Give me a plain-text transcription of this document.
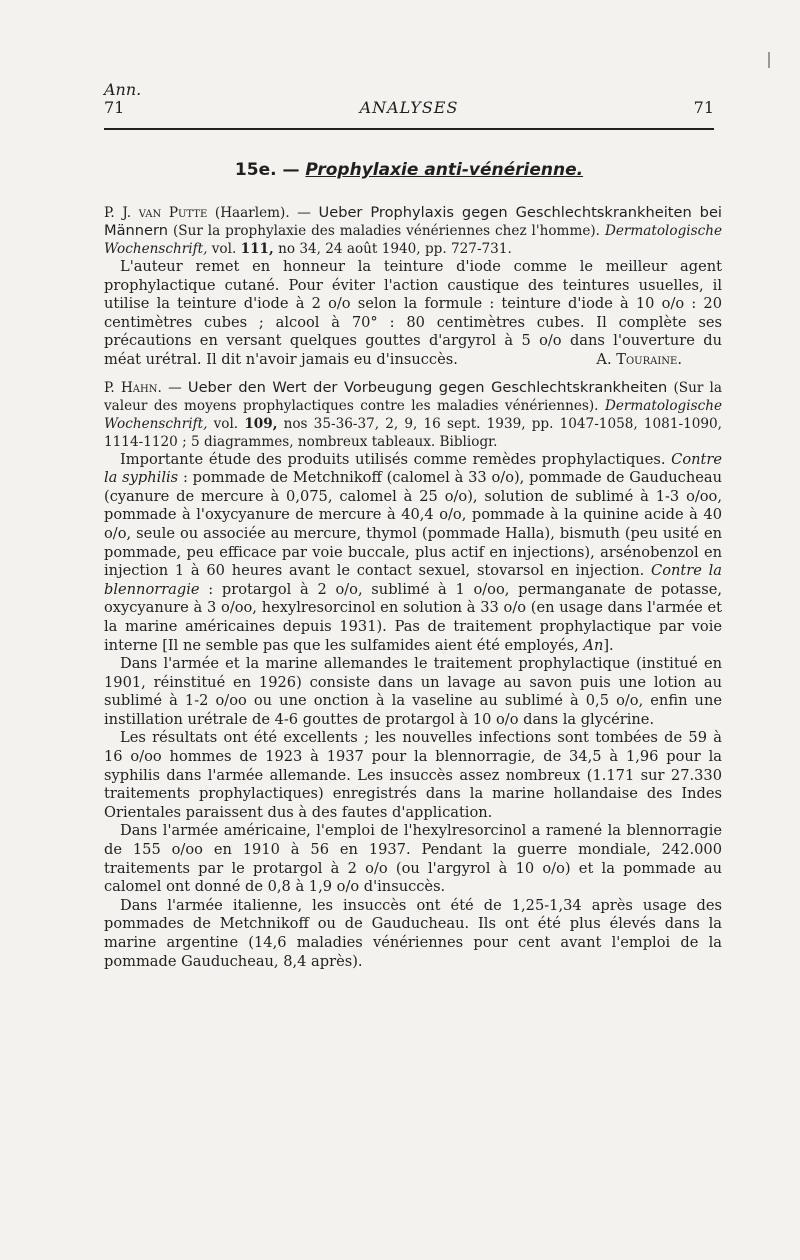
Ann.
71	ANALYSES	71
15e. — Prophylaxie anti-vénérienne.

P. J. van Putte (Haarlem). — Ueber Prophylaxis gegen Geschlechtskrankheiten bei Männern (Sur la prophylaxie des maladies vénériennes chez l'homme). Dermatologische Wochenschrift, vol. 111, no 34, 24 août 1940, pp. 727-731.

L'auteur remet en honneur la teinture d'iode comme le meilleur agent prophylactique cutané. Pour éviter l'action caustique des teintures usuelles, il utilise la teinture d'iode à 2 o/o selon la formule : teinture d'iode à 10 o/o : 20 centimètres cubes ; alcool à 70° : 80 centimètres cubes. Il complète ses précautions en versant quelques gouttes d'argyrol à 5 o/o dans l'ouverture du méat urétral. Il dit n'avoir jamais eu d'insuccès.	A. Touraine.

P. Hahn. — Ueber den Wert der Vorbeugung gegen Geschlechtskrankheiten (Sur la valeur des moyens prophylactiques contre les maladies vénériennes). Dermatologische Wochenschrift, vol. 109, nos 35-36-37, 2, 9, 16 sept. 1939, pp. 1047-1058, 1081-1090, 1114-1120 ; 5 diagrammes, nombreux tableaux. Bibliogr.

Importante étude des produits utilisés comme remèdes prophylactiques. Contre la syphilis : pommade de Metchnikoff (calomel à 33 o/o), pommade de Gauducheau (cyanure de mercure à 0,075, calomel à 25 o/o), solution de sublimé à 1-3 o/oo, pommade à l'oxycyanure de mercure à 40,4 o/o, pommade à la quinine acide à 40 o/o, seule ou associée au mercure, thymol (pommade Halla), bismuth (peu usité en pommade, peu efficace par voie buccale, plus actif en injections), arsénobenzol en injection 1 à 60 heures avant le contact sexuel, stovarsol en injection. Contre la blennorragie : protargol à 2 o/o, sublimé à 1 o/oo, permanganate de potasse, oxycyanure à 3 o/oo, hexylresorcinol en solution à 33 o/o (en usage dans l'armée et la marine américaines depuis 1931). Pas de traitement prophylactique par voie interne [Il ne semble pas que les sulfamides aient été employés, An].

Dans l'armée et la marine allemandes le traitement prophylactique (institué en 1901, réinstitué en 1926) consiste dans un lavage au savon puis une lotion au sublimé à 1-2 o/oo ou une onction à la vaseline au sublimé à 0,5 o/o, enfin une instillation urétrale de 4-6 gouttes de protargol à 10 o/o dans la glycérine.

Les résultats ont été excellents ; les nouvelles infections sont tombées de 59 à 16 o/oo hommes de 1923 à 1937 pour la blennorragie, de 34,5 à 1,96 pour la syphilis dans l'armée allemande. Les insuccès assez nombreux (1.171 sur 27.330 traitements prophylactiques) enregistrés dans la marine hollandaise des Indes Orientales paraissent dus à des fautes d'application.

Dans l'armée américaine, l'emploi de l'hexylresorcinol a ramené la blennorragie de 155 o/oo en 1910 à 56 en 1937. Pendant la guerre mondiale, 242.000 traitements par le protargol à 2 o/o (ou l'argyrol à 10 o/o) et la pommade au calomel ont donné de 0,8 à 1,9 o/o d'insuccès.

Dans l'armée italienne, les insuccès ont été de 1,25-1,34 après usage des pommades de Metchnikoff ou de Gauducheau. Ils ont été plus élevés dans la marine argentine (14,6 maladies vénériennes pour cent avant l'emploi de la pommade Gauducheau, 8,4 après).
